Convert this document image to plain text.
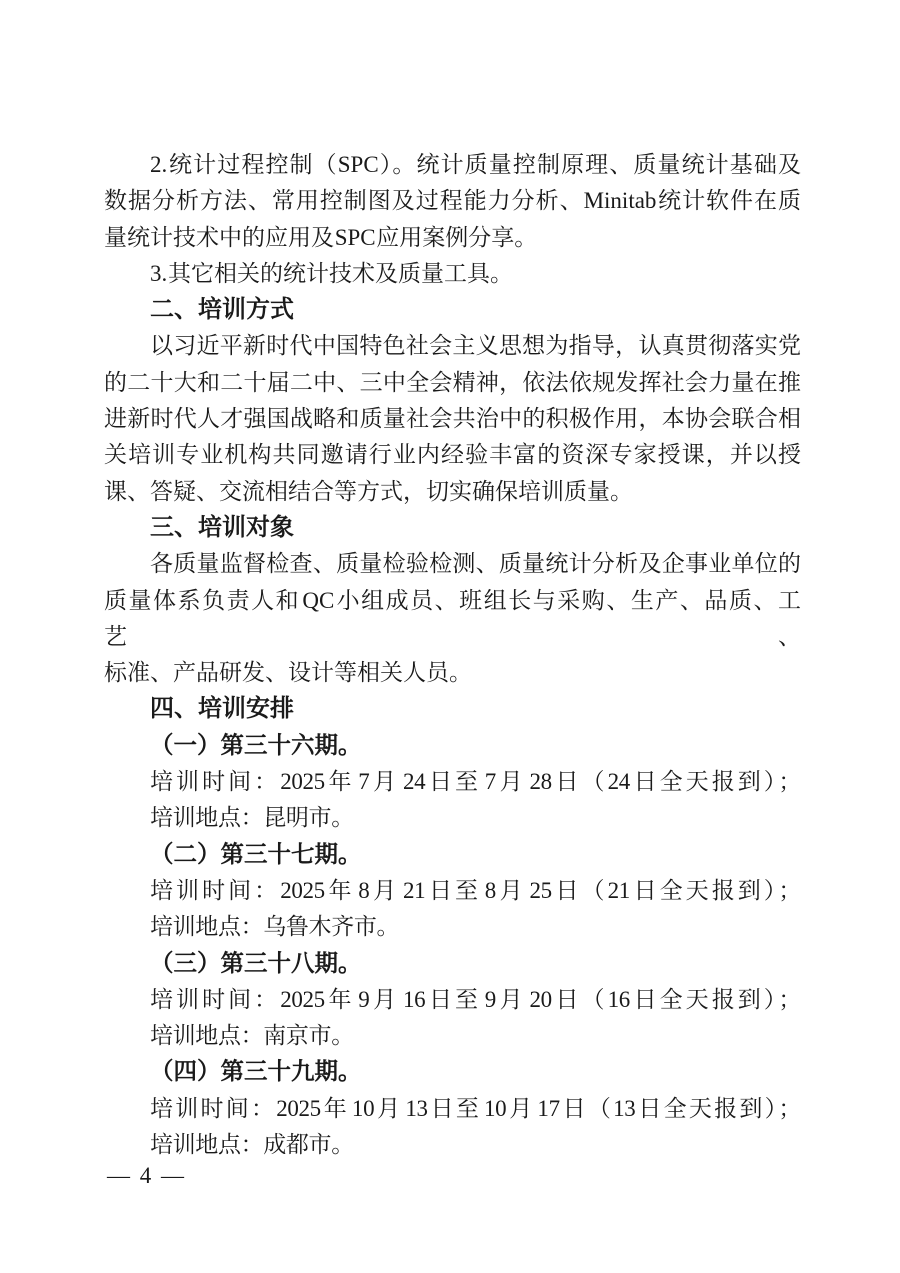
2. 统计过程控制（SPC）。统计质量控制原理、质量统计基础及
数据分析方法、常用控制图及过程能力分析、Minitab 统计软件在质
量统计技术中的应用及 SPC 应用案例分享。
3. 其它相关的统计技术及质量工具。
二、培训方式
以习近平新时代中国特色社会主义思想为指导，认真贯彻落实党
的二十大和二十届二中、三中全会精神，依法依规发挥社会力量在推
进新时代人才强国战略和质量社会共治中的积极作用，本协会联合相
关培训专业机构共同邀请行业内经验丰富的资深专家授课，并以授
课、答疑、交流相结合等方式，切实确保培训质量。
三、培训对象
各质量监督检查、质量检验检测、质量统计分析及企事业单位的
质量体系负责人和 QC 小组成员、班组长与采购、生产、品质、工艺、
标准、产品研发、设计等相关人员。
四、培训安排
（一）第三十六期。
培训时间：2025 年 7 月 24 日至 7 月 28 日（24 日全天报到）；
培训地点：昆明市。
（二）第三十七期。
培训时间：2025 年 8 月 21 日至 8 月 25 日（21 日全天报到）；
培训地点：乌鲁木齐市。
（三）第三十八期。
培训时间：2025 年 9 月 16 日至 9 月 20 日（16 日全天报到）；
培训地点：南京市。
（四）第三十九期。
培训时间：2025 年 10 月 13 日至 10 月 17 日（13 日全天报到）；
培训地点：成都市。
— 4 —
